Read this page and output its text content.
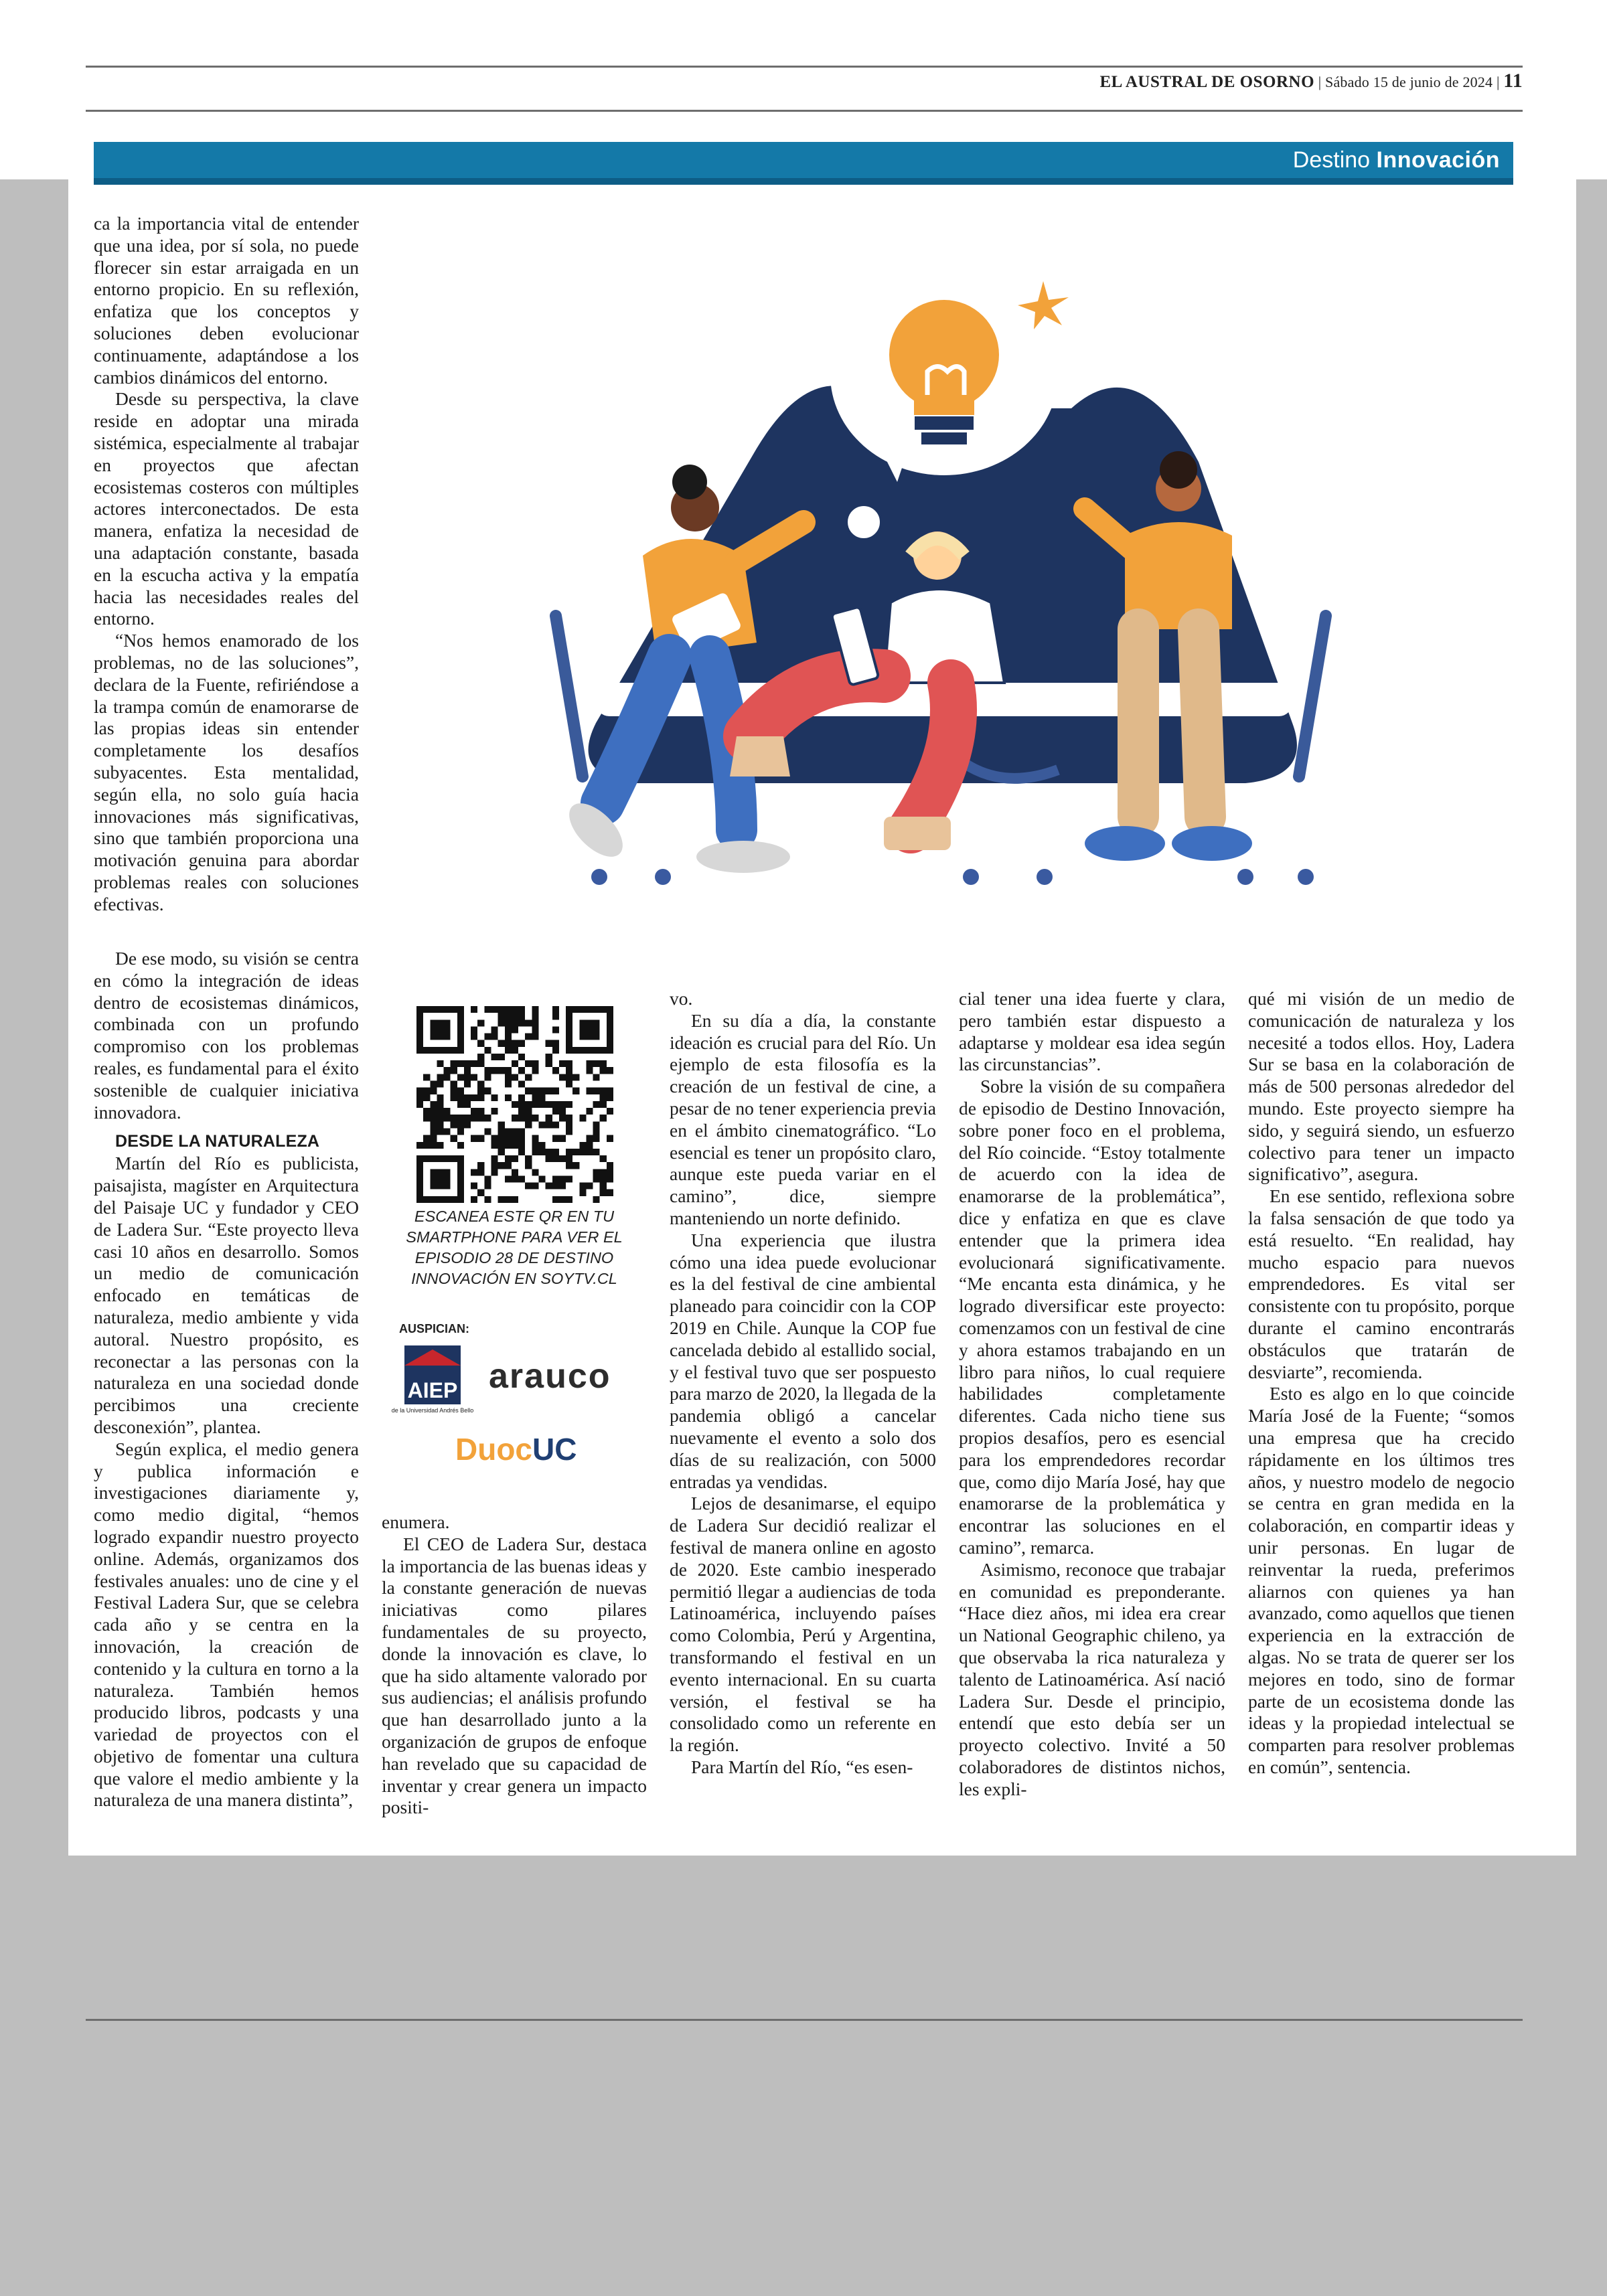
EL AUSTRAL DE OSORNO | Sábado 15 de junio de 2024 | 11
Destino Innovación

ca la importancia vital de entender que una idea, por sí sola, no puede florecer sin estar arraigada en un entorno propicio. En su reflexión, enfatiza que los conceptos y soluciones deben evolucionar continuamente, adaptándose a los cambios dinámicos del entorno.

Desde su perspectiva, la clave reside en adoptar una mirada sistémica, especialmente al trabajar en proyectos que afectan ecosistemas costeros con múltiples actores interconectados. De esta manera, enfatiza la necesidad de una adaptación constante, basada en la escucha activa y la empatía hacia las necesidades reales del entorno.

“Nos hemos enamorado de los problemas, no de las soluciones”, declara de la Fuente, refiriéndose a la trampa común de enamorarse de las propias ideas sin entender completamente los desafíos subyacentes. Esta mentalidad, según ella, no solo guía hacia innovaciones más significativas, sino que también proporciona una motivación genuina para abordar problemas reales con soluciones efectivas.

De ese modo, su visión se centra en cómo la integración de ideas dentro de ecosistemas dinámicos, combinada con un profundo compromiso con los problemas reales, es fundamental para el éxito sostenible de cualquier iniciativa innovadora.

DESDE LA NATURALEZA

Martín del Río es publicista, paisajista, magíster en Arquitectura del Paisaje UC y fundador y CEO de Ladera Sur. “Este proyecto lleva casi 10 años en desarrollo. Somos un medio de comunicación enfocado en temáticas de naturaleza, medio ambiente y vida autoral. Nuestro propósito, es reconectar a las personas con la naturaleza en una sociedad donde percibimos una creciente desconexión”, plantea.

Según explica, el medio genera y publica información e investigaciones diariamente y, como medio digital, “hemos logrado expandir nuestro proyecto online. Además, organizamos dos festivales anuales: uno de cine y el Festival Ladera Sur, que se celebra cada año y se centra en la innovación, la creación de contenido y la cultura en torno a la naturaleza. También hemos producido libros, podcasts y una variedad de proyectos con el objetivo de fomentar una cultura que valore el medio ambiente y la naturaleza de una manera distinta”,

enumera.

El CEO de Ladera Sur, destaca la importancia de las buenas ideas y la constante generación de nuevas iniciativas como pilares fundamentales de su proyecto, donde la innovación es clave, lo que ha sido altamente valorado por sus audiencias; el análisis profundo que han desarrollado junto a la organización de grupos de enfoque han revelado que su capacidad de inventar y crear genera un impacto positi-

vo.

En su día a día, la constante ideación es crucial para del Río. Un ejemplo de esta filosofía es la creación de un festival de cine, a pesar de no tener experiencia previa en el ámbito cinematográfico. “Lo esencial es tener un propósito claro, aunque este pueda variar en el camino”, dice, siempre manteniendo un norte definido.

Una experiencia que ilustra cómo una idea puede evolucionar es la del festival de cine ambiental planeado para coincidir con la COP 2019 en Chile. Aunque la COP fue cancelada debido al estallido social, y el festival tuvo que ser pospuesto para marzo de 2020, la llegada de la pandemia obligó a cancelar nuevamente el evento a solo dos días de su realización, con 5000 entradas ya vendidas.

Lejos de desanimarse, el equipo de Ladera Sur decidió realizar el festival de manera online en agosto de 2020. Este cambio inesperado permitió llegar a audiencias de toda Latinoamérica, incluyendo países como Colombia, Perú y Argentina, transformando el festival en un evento internacional. En su cuarta versión, el festival se ha consolidado como un referente en la región.

Para Martín del Río, “es esen-

cial tener una idea fuerte y clara, pero también estar dispuesto a adaptarse y moldear esa idea según las circunstancias”.

Sobre la visión de su compañera de episodio de Destino Innovación, sobre poner foco en el problema, del Río coincide. “Estoy totalmente de acuerdo con la idea de enamorarse de la problemática”, dice y enfatiza en que es clave entender que la primera idea evolucionará significativamente. “Me encanta esta dinámica, y he logrado diversificar este proyecto: comenzamos con un festival de cine y ahora estamos trabajando en un libro para niños, lo cual requiere habilidades completamente diferentes. Cada nicho tiene sus propios desafíos, pero es esencial para los emprendedores recordar que, como dijo María José, hay que enamorarse de la problemática y encontrar las soluciones en el camino”, remarca.

Asimismo, reconoce que trabajar en comunidad es preponderante. “Hace diez años, mi idea era crear un National Geographic chileno, ya que observaba la rica naturaleza y talento de Latinoamérica. Así nació Ladera Sur. Desde el principio, entendí que esto debía ser un proyecto colectivo. Invité a 50 colaboradores de distintos nichos, les expli-

qué mi visión de un medio de comunicación de naturaleza y los necesité a todos ellos. Hoy, Ladera Sur se basa en la colaboración de más de 500 personas alrededor del mundo. Este proyecto siempre ha sido, y seguirá siendo, un esfuerzo colectivo para tener un impacto significativo”, asegura.

En ese sentido, reflexiona sobre la falsa sensación de que todo ya está resuelto. “En realidad, hay mucho espacio para nuevos emprendedores. Es vital ser consistente con tu propósito, porque durante el camino encontrarás obstáculos que tratarán de desviarte”, recomienda.

Esto es algo en lo que coincide María José de la Fuente; “somos una empresa que ha crecido rápidamente en los últimos tres años, y nuestro modelo de negocio se centra en gran medida en la colaboración, en compartir ideas y unir personas. En lugar de reinventar la rueda, preferimos aliarnos con quienes ya han avanzado, como aquellos que tienen experiencia en la extracción de algas. No se trata de querer ser los mejores en todo, sino de formar parte de un ecosistema donde las ideas y la propiedad intelectual se comparten para resolver problemas en común”, sentencia.

ESCANEA ESTE QR EN TU SMARTPHONE PARA VER EL EPISODIO 28 DE DESTINO INNOVACIÓN EN SOYTV.CL
AUSPICIAN:
AIEP
de la Universidad Andrés Bello
arauco
DuocUC
